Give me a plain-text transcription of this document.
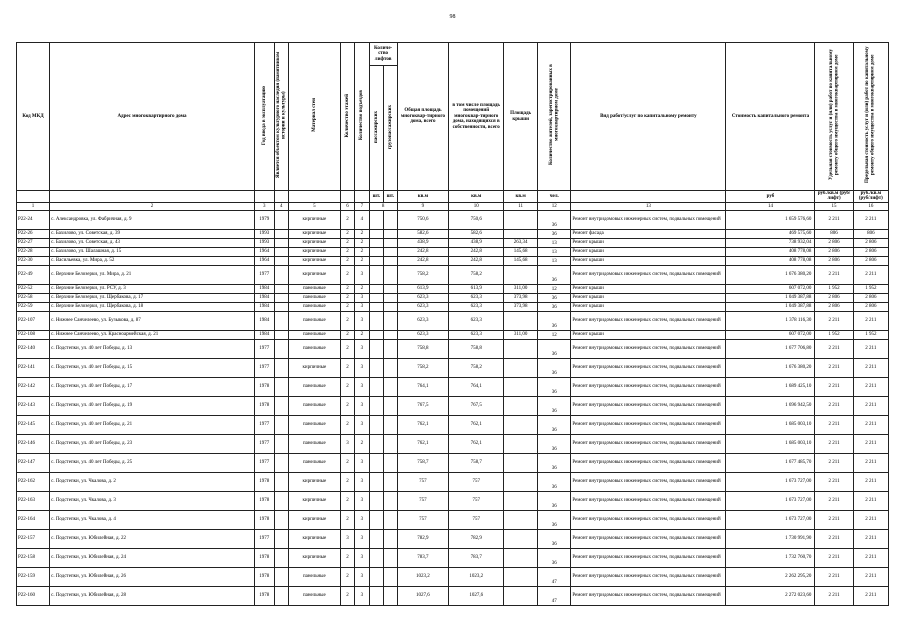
98
Код МКД	Адрес многоквартирного дома	Год ввода в эксплуатацию	Является объектом культурного наследия (памятником истории и культуры)	Материал стен	Количество этажей	Количество подъездов	Количе-ство лифтов		Общая площадь многоквар-тирного дома, всего	в том числе площадь помещений многоквар-тирного дома, находящихся в собственности, всего	Площадь крыши	Количество жителей, зарегистрированных в многоквартирном доме	Вид работ/услуг по капитальному ремонту	Стоимость капитального ремонта	Удельная стоимость услуг и (или) работ по капитальному ремонту общего имущества в многоквартирном доме	Предельная стоимость услуг и (или) работ по капитальному ремонту общего имущества в многоквартирном доме
							пассажирских	грузопассажирских								
							шт.	шт.	кв.м	кв.м	кв.м	чел.		руб	руб./кв.м (руб/лифт)	руб./кв.м (руб/лифт)
1	2	3	4	5	6	7	8		9	10	11	12	13	14	15	16
Р22-24	с. Александровка, ул. Фабричная, д. 9	1979		кирпичные	2	4			750,6	750,6		36	Ремонт внутридомовых инженерных систем, подвальных помещений	1 659 576,60	2 211	2 211
Р22-26	с. Бахилово, ул. Советская, д. 39	1993		кирпичные	2	2			582,6	582,6		36	Ремонт фасада	469 575,60	806	806
Р22-27	с. Бахилово, ул. Советская, д. 43	1993		кирпичные	2	2			438,9	438,9	263,34	13	Ремонт крыши	738 932,04	2 806	2 806
Р22-28	с. Бахилово, ул. Шалашная, д. 15	1964		кирпичные	2	2			242,8	242,8	145,68	13	Ремонт крыши	408 778,08	2 806	2 806
Р22-30	с. Васильевка, ул. Мира, д. 52	1964		кирпичные	2	2			242,8	242,8	145,68	13	Ремонт крыши	408 778,08	2 806	2 806
Р22-49	с. Верхние Белозерки, ул. Мира, д. 21	1977		кирпичные	2	3			758,2	758,2		36	Ремонт внутридомовых инженерных систем, подвальных помещений	1 676 380,20	2 211	2 211
Р22-52	с. Верхние Белозерки, ул. РСУ, д. 3	1984		панельные	2	2			613,9	613,9	311,00	12	Ремонт крыши	607 072,00	1 952	1 952
Р22-58	с. Верхние Белозерки, ул. Щербакова, д. 17	1984		панельные	2	3			623,3	623,3	373,98	36	Ремонт крыши	1 049 387,88	2 806	2 806
Р22-59	с. Верхние Белозерки, ул. Щербакова, д. 18	1984		панельные	2	3			623,3	623,3	373,98	36	Ремонт крыши	1 049 387,88	2 806	2 806
Р22-107	с. Нижнее Санчелеево, ул. Бузыкова, д. 87	1984		панельные	2	3			623,3	623,3		36	Ремонт внутридомовых инженерных систем, подвальных помещений	1 378 116,30	2 211	2 211
Р22-108	с. Нижнее Санчелеево, ул. Красноармейская, д. 21	1984		панельные	2	2			623,3	623,3	311,00	12	Ремонт крыши	607 072,00	1 952	1 952
Р22-140	с. Подстепки, ул. 40 лет Победы, д. 13	1977		панельные	2	3			758,8	758,8		36	Ремонт внутридомовых инженерных систем, подвальных помещений	1 677 706,80	2 211	2 211
Р22-141	с. Подстепки, ул. 40 лет Победы, д. 15	1977		кирпичные	2	3			758,2	758,2		36	Ремонт внутридомовых инженерных систем, подвальных помещений	1 676 380,20	2 211	2 211
Р22-142	с. Подстепки, ул. 40 лет Победы, д. 17	1978		панельные	2	3			764,1	764,1		36	Ремонт внутридомовых инженерных систем, подвальных помещений	1 689 425,10	2 211	2 211
Р22-143	с. Подстепки, ул. 40 лет Победы, д. 19	1978		панельные	2	3			767,5	767,5		36	Ремонт внутридомовых инженерных систем, подвальных помещений	1 696 942,50	2 211	2 211
Р22-145	с. Подстепки, ул. 40 лет Победы, д. 21	1977		панельные	2	3			762,1	762,1		36	Ремонт внутридомовых инженерных систем, подвальных помещений	1 685 003,10	2 211	2 211
Р22-146	с. Подстепки, ул. 40 лет Победы, д. 23	1977		панельные	3	2			762,1	762,1		36	Ремонт внутридомовых инженерных систем, подвальных помещений	1 685 003,10	2 211	2 211
Р22-147	с. Подстепки, ул. 40 лет Победы, д. 25	1977		панельные	2	3			758,7	758,7		36	Ремонт внутридомовых инженерных систем, подвальных помещений	1 677 485,70	2 211	2 211
Р22-162	с. Подстепки, ул. Чкалова, д. 2	1978		кирпичные	2	3			757	757		36	Ремонт внутридомовых инженерных систем, подвальных помещений	1 673 727,00	2 211	2 211
Р22-163	с. Подстепки, ул. Чкалова, д. 3	1978		кирпичные	2	3			757	757		36	Ремонт внутридомовых инженерных систем, подвальных помещений	1 673 727,00	2 211	2 211
Р22-164	с. Подстепки, ул. Чкалова, д. 4	1978		кирпичные	2	3			757	757		36	Ремонт внутридомовых инженерных систем, подвальных помещений	1 673 727,00	2 211	2 211
Р22-157	с. Подстепки, ул. Юбилейная, д. 22	1977		кирпичные	3	3			782,9	782,9		36	Ремонт внутридомовых инженерных систем, подвальных помещений	1 730 991,90	2 211	2 211
Р22-158	с. Подстепки, ул. Юбилейная, д. 24	1978		кирпичные	2	3			783,7	783,7		36	Ремонт внутридомовых инженерных систем, подвальных помещений	1 732 760,70	2 211	2 211
Р22-159	с. Подстепки, ул. Юбилейная, д. 26	1978		панельные	2	3			1023,2	1023,2		47	Ремонт внутридомовых инженерных систем, подвальных помещений	2 262 295,20	2 211	2 211
Р22-160	с. Подстепки, ул. Юбилейная, д. 28	1978		панельные	2	3			1027,6	1027,6		47	Ремонт внутридомовых инженерных систем, подвальных помещений	2 272 023,60	2 211	2 211
